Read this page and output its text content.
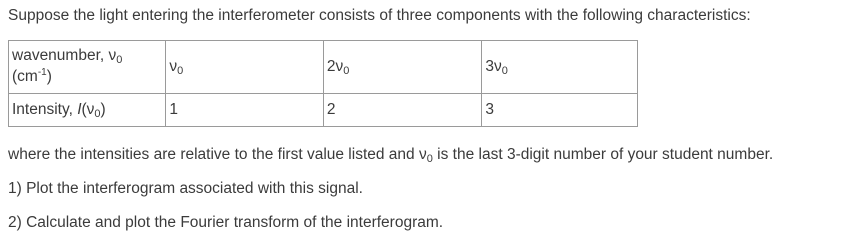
Suppose the light entering the interferometer consists of three components with the following characteristics:

wavenumber, ν0
$(cm^{-1})$	ν0	2ν0	3ν0
Intensity, I(ν0)	1	2	3

where the intensities are relative to the first value listed and ν0 is the last 3-digit number of your student number.

1) Plot the interferogram associated with this signal.

2) Calculate and plot the Fourier transform of the interferogram.
